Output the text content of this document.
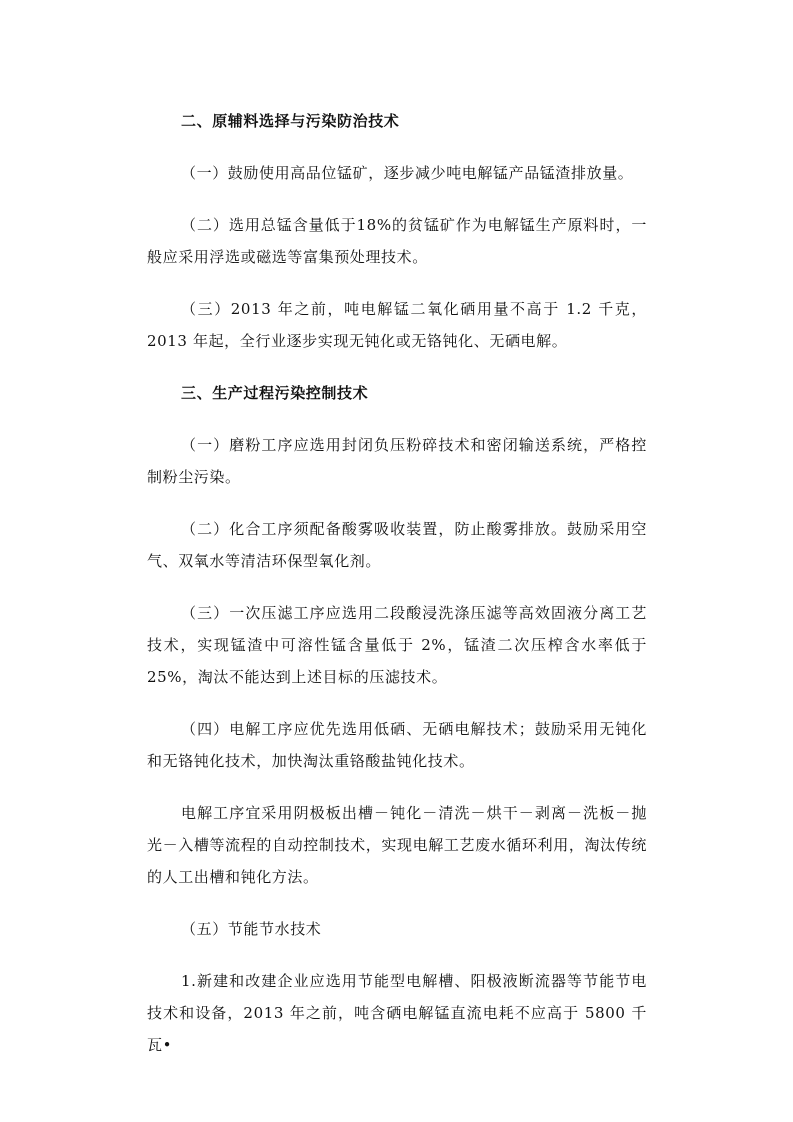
二、原辅料选择与污染防治技术

（一）鼓励使用高品位锰矿，逐步减少吨电解锰产品锰渣排放量。

（二）选用总锰含量低于18%的贫锰矿作为电解锰生产原料时，一般应采用浮选或磁选等富集预处理技术。

（三）2013 年之前，吨电解锰二氧化硒用量不高于 1.2 千克，2013 年起，全行业逐步实现无钝化或无铬钝化、无硒电解。

三、生产过程污染控制技术

（一）磨粉工序应选用封闭负压粉碎技术和密闭输送系统，严格控制粉尘污染。

（二）化合工序须配备酸雾吸收装置，防止酸雾排放。鼓励采用空气、双氧水等清洁环保型氧化剂。

（三）一次压滤工序应选用二段酸浸洗涤压滤等高效固液分离工艺技术，实现锰渣中可溶性锰含量低于 2%，锰渣二次压榨含水率低于 25%，淘汰不能达到上述目标的压滤技术。

（四）电解工序应优先选用低硒、无硒电解技术；鼓励采用无钝化和无铬钝化技术，加快淘汰重铬酸盐钝化技术。

电解工序宜采用阴极板出槽－钝化－清洗－烘干－剥离－洗板－抛光－入槽等流程的自动控制技术，实现电解工艺废水循环利用，淘汰传统的人工出槽和钝化方法。

（五）节能节水技术

1.新建和改建企业应选用节能型电解槽、阳极液断流器等节能节电技术和设备，2013 年之前，吨含硒电解锰直流电耗不应高于 5800 千瓦•
